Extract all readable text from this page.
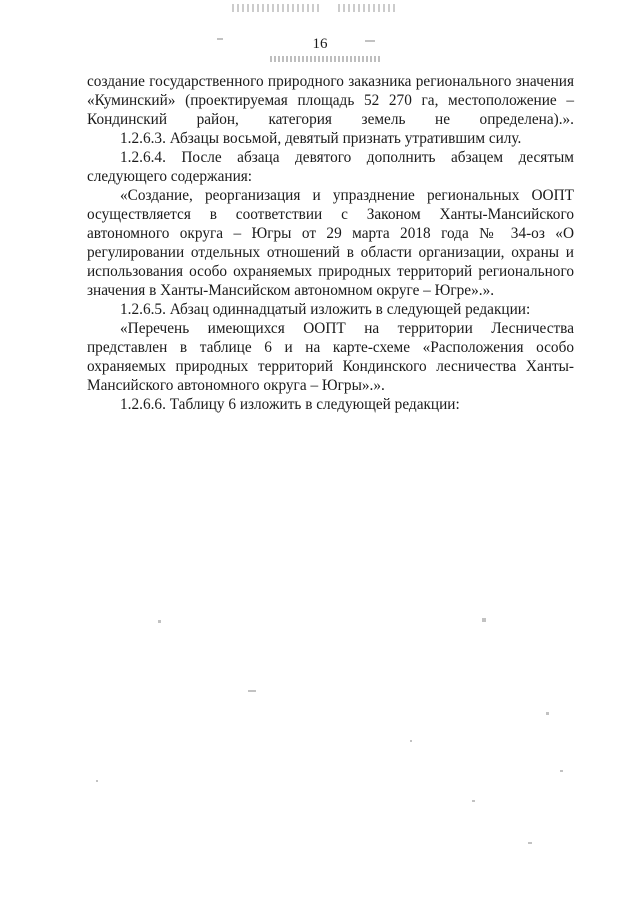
16

создание государственного природного заказника регионального значения «Куминский» (проектируемая площадь 52 270 га, местоположение – Кондинский район, категория земель не определена).».

1.2.6.3. Абзацы восьмой, девятый признать утратившим силу.

1.2.6.4. После абзаца девятого дополнить абзацем десятым следующего содержания:

«Создание, реорганизация и упразднение региональных ООПТ осуществляется в соответствии с Законом Ханты-Мансийского автономного округа – Югры от 29 марта 2018 года № 34-оз «О регулировании отдельных отношений в области организации, охраны и использования особо охраняемых природных территорий регионального значения в Ханты-Мансийском автономном округе – Югре».».

1.2.6.5. Абзац одиннадцатый изложить в следующей редакции:

«Перечень имеющихся ООПТ на территории Лесничества представлен в таблице 6 и на карте-схеме «Расположения особо охраняемых природных территорий Кондинского лесничества Ханты-Мансийского автономного округа – Югры».».

1.2.6.6. Таблицу 6 изложить в следующей редакции:
